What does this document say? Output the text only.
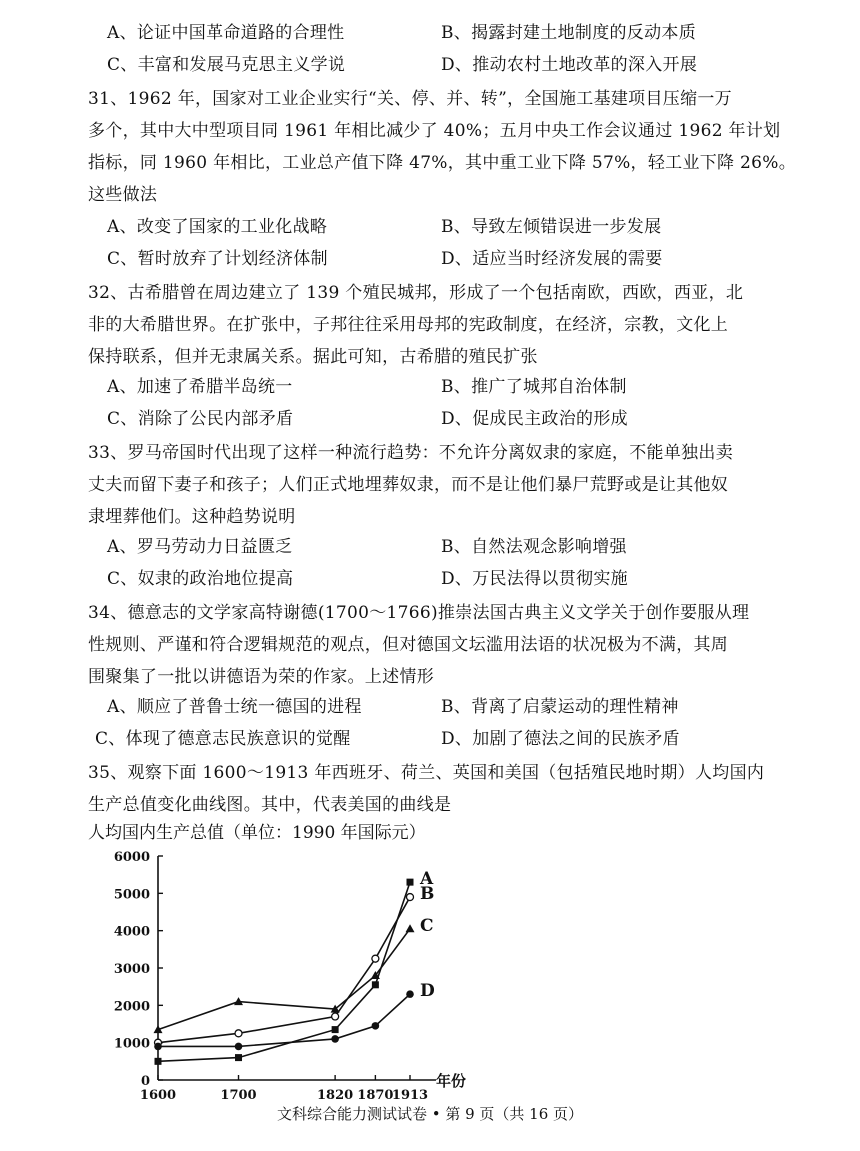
A、论证中国革命道路的合理性	B、揭露封建土地制度的反动本质
C、丰富和发展马克思主义学说	D、推动农村土地改革的深入开展
31、1962 年，国家对工业企业实行“关、停、并、转”，全国施工基建项目压缩一万
多个，其中大中型项目同 1961 年相比减少了 40%；五月中央工作会议通过 1962 年计划
指标，同 1960 年相比，工业总产值下降 47%，其中重工业下降 57%，轻工业下降 26%。
这些做法
A、改变了国家的工业化战略	B、导致左倾错误进一步发展
C、暂时放弃了计划经济体制	D、适应当时经济发展的需要
32、古希腊曾在周边建立了 139 个殖民城邦，形成了一个包括南欧，西欧，西亚，北
非的大希腊世界。在扩张中，子邦往往采用母邦的宪政制度，在经济，宗教，文化上
保持联系，但并无隶属关系。据此可知，古希腊的殖民扩张
A、加速了希腊半岛统一	B、推广了城邦自治体制
C、消除了公民内部矛盾	D、促成民主政治的形成
33、罗马帝国时代出现了这样一种流行趋势：不允许分离奴隶的家庭，不能单独出卖
丈夫而留下妻子和孩子；人们正式地埋葬奴隶，而不是让他们暴尸荒野或是让其他奴
隶埋葬他们。这种趋势说明
A、罗马劳动力日益匮乏	B、自然法观念影响增强
C、奴隶的政治地位提高	D、万民法得以贯彻实施
34、德意志的文学家高特谢德(1700～1766)推崇法国古典主义文学关于创作要服从理
性规则、严谨和符合逻辑规范的观点，但对德国文坛滥用法语的状况极为不满，其周
围聚集了一批以讲德语为荣的作家。上述情形
A、顺应了普鲁士统一德国的进程	B、背离了启蒙运动的理性精神
C、体现了德意志民族意识的觉醒	D、加剧了德法之间的民族矛盾
35、观察下面 1600～1913 年西班牙、荷兰、英国和美国（包括殖民地时期）人均国内
生产总值变化曲线图。其中，代表美国的曲线是
人均国内生产总值（单位：1990 年国际元）
0
1000
2000
3000
4000
5000
6000
1600	1700	1820 1870
1913
年份
A
B
C
D
文科综合能力测试试卷 • 第 9 页（共 16 页）
